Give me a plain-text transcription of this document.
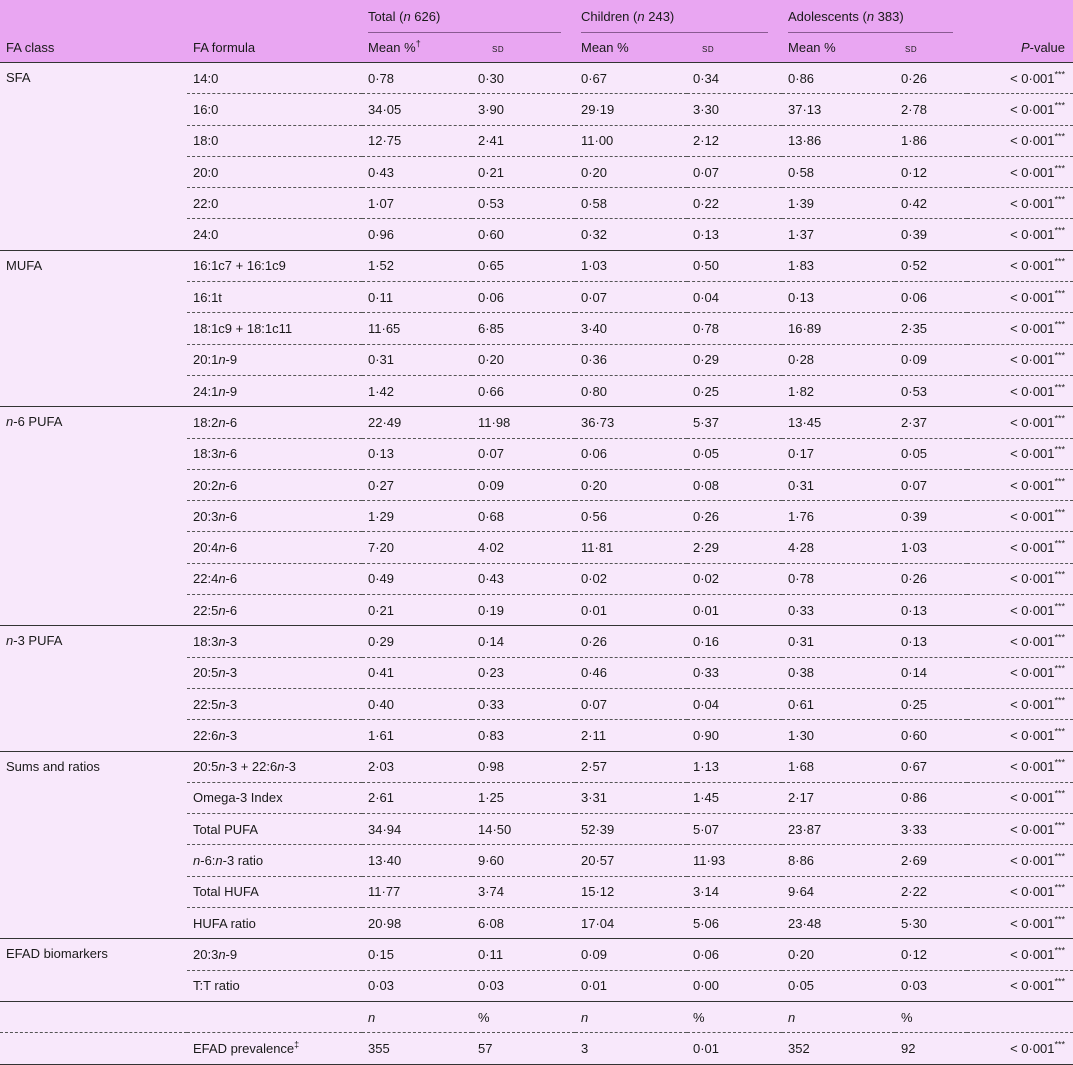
		Total (n 626)		Children (n 243)		Adolescents (n 383)	

FA class	FA formula	Mean %†	sd	Mean %	sd	Mean %	sd	P-value
SFA	14:0	0·78	0·30	0·67	0·34	0·86	0·26	< 0·001***
	16:0	34·05	3·90	29·19	3·30	37·13	2·78	< 0·001***
	18:0	12·75	2·41	11·00	2·12	13·86	1·86	< 0·001***
	20:0	0·43	0·21	0·20	0·07	0·58	0·12	< 0·001***
	22:0	1·07	0·53	0·58	0·22	1·39	0·42	< 0·001***
	24:0	0·96	0·60	0·32	0·13	1·37	0·39	< 0·001***
MUFA	16:1c7 + 16:1c9	1·52	0·65	1·03	0·50	1·83	0·52	< 0·001***
	16:1t	0·11	0·06	0·07	0·04	0·13	0·06	< 0·001***
	18:1c9 + 18:1c11	11·65	6·85	3·40	0·78	16·89	2·35	< 0·001***
	20:1n-9	0·31	0·20	0·36	0·29	0·28	0·09	< 0·001***
	24:1n-9	1·42	0·66	0·80	0·25	1·82	0·53	< 0·001***
n-6 PUFA	18:2n-6	22·49	11·98	36·73	5·37	13·45	2·37	< 0·001***
	18:3n-6	0·13	0·07	0·06	0·05	0·17	0·05	< 0·001***
	20:2n-6	0·27	0·09	0·20	0·08	0·31	0·07	< 0·001***
	20:3n-6	1·29	0·68	0·56	0·26	1·76	0·39	< 0·001***
	20:4n-6	7·20	4·02	11·81	2·29	4·28	1·03	< 0·001***
	22:4n-6	0·49	0·43	0·02	0·02	0·78	0·26	< 0·001***
	22:5n-6	0·21	0·19	0·01	0·01	0·33	0·13	< 0·001***
n-3 PUFA	18:3n-3	0·29	0·14	0·26	0·16	0·31	0·13	< 0·001***
	20:5n-3	0·41	0·23	0·46	0·33	0·38	0·14	< 0·001***
	22:5n-3	0·40	0·33	0·07	0·04	0·61	0·25	< 0·001***
	22:6n-3	1·61	0·83	2·11	0·90	1·30	0·60	< 0·001***
Sums and ratios	20:5n-3 + 22:6n-3	2·03	0·98	2·57	1·13	1·68	0·67	< 0·001***
	Omega-3 Index	2·61	1·25	3·31	1·45	2·17	0·86	< 0·001***
	Total PUFA	34·94	14·50	52·39	5·07	23·87	3·33	< 0·001***
	n-6:n-3 ratio	13·40	9·60	20·57	11·93	8·86	2·69	< 0·001***
	Total HUFA	11·77	3·74	15·12	3·14	9·64	2·22	< 0·001***
	HUFA ratio	20·98	6·08	17·04	5·06	23·48	5·30	< 0·001***
EFAD biomarkers	20:3n-9	0·15	0·11	0·09	0·06	0·20	0·12	< 0·001***
	T:T ratio	0·03	0·03	0·01	0·00	0·05	0·03	< 0·001***
		n	%	n	%	n	%	
	EFAD prevalence‡	355	57	3	0·01	352	92	< 0·001***
